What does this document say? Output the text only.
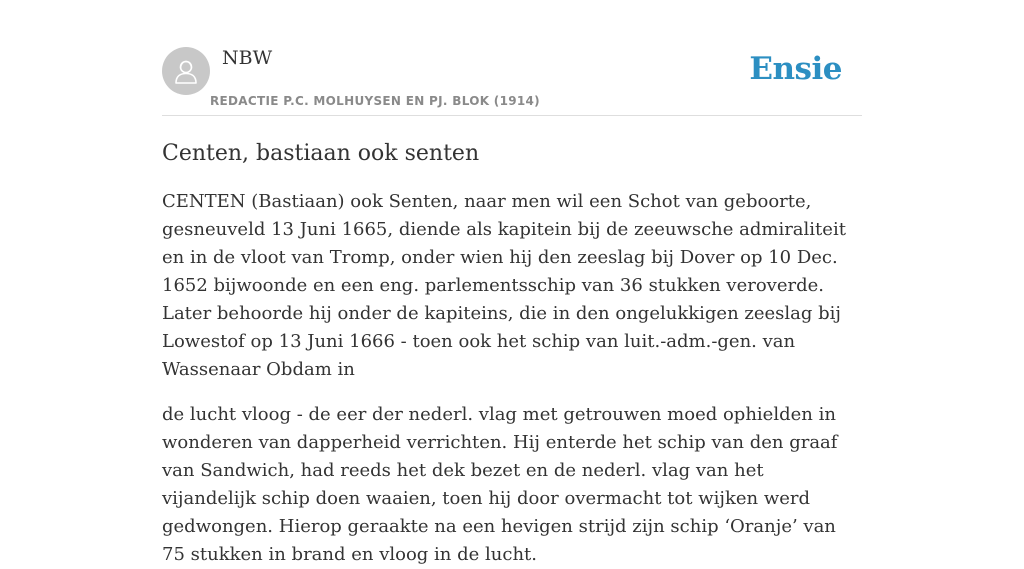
NBW
REDACTIE P.C. MOLHUYSEN EN PJ. BLOK (1914)
Ensie
Centen, bastiaan ook senten

CENTEN (Bastiaan) ook Senten, naar men wil een Schot van geboorte, gesneuveld 13 Juni 1665, diende als kapitein bij de zeeuwsche admiraliteit en in de vloot van Tromp, onder wien hij den zeeslag bij Dover op 10 Dec. 1652 bijwoonde en een eng. parlementsschip van 36 stukken veroverde. Later behoorde hij onder de kapiteins, die in den ongelukkigen zeeslag bij Lowestof op 13 Juni 1666 - toen ook het schip van luit.-adm.-gen. van Wassenaar Obdam in

de lucht vloog - de eer der nederl. vlag met getrouwen moed ophielden in wonderen van dapperheid verrichten. Hij enterde het schip van den graaf van Sandwich, had reeds het dek bezet en de nederl. vlag van het vijandelijk schip doen waaien, toen hij door overmacht tot wijken werd gedwongen. Hierop geraakte na een hevigen strijd zijn schip ‘Oranje’ van 75 stukken in brand en vloog in de lucht.
